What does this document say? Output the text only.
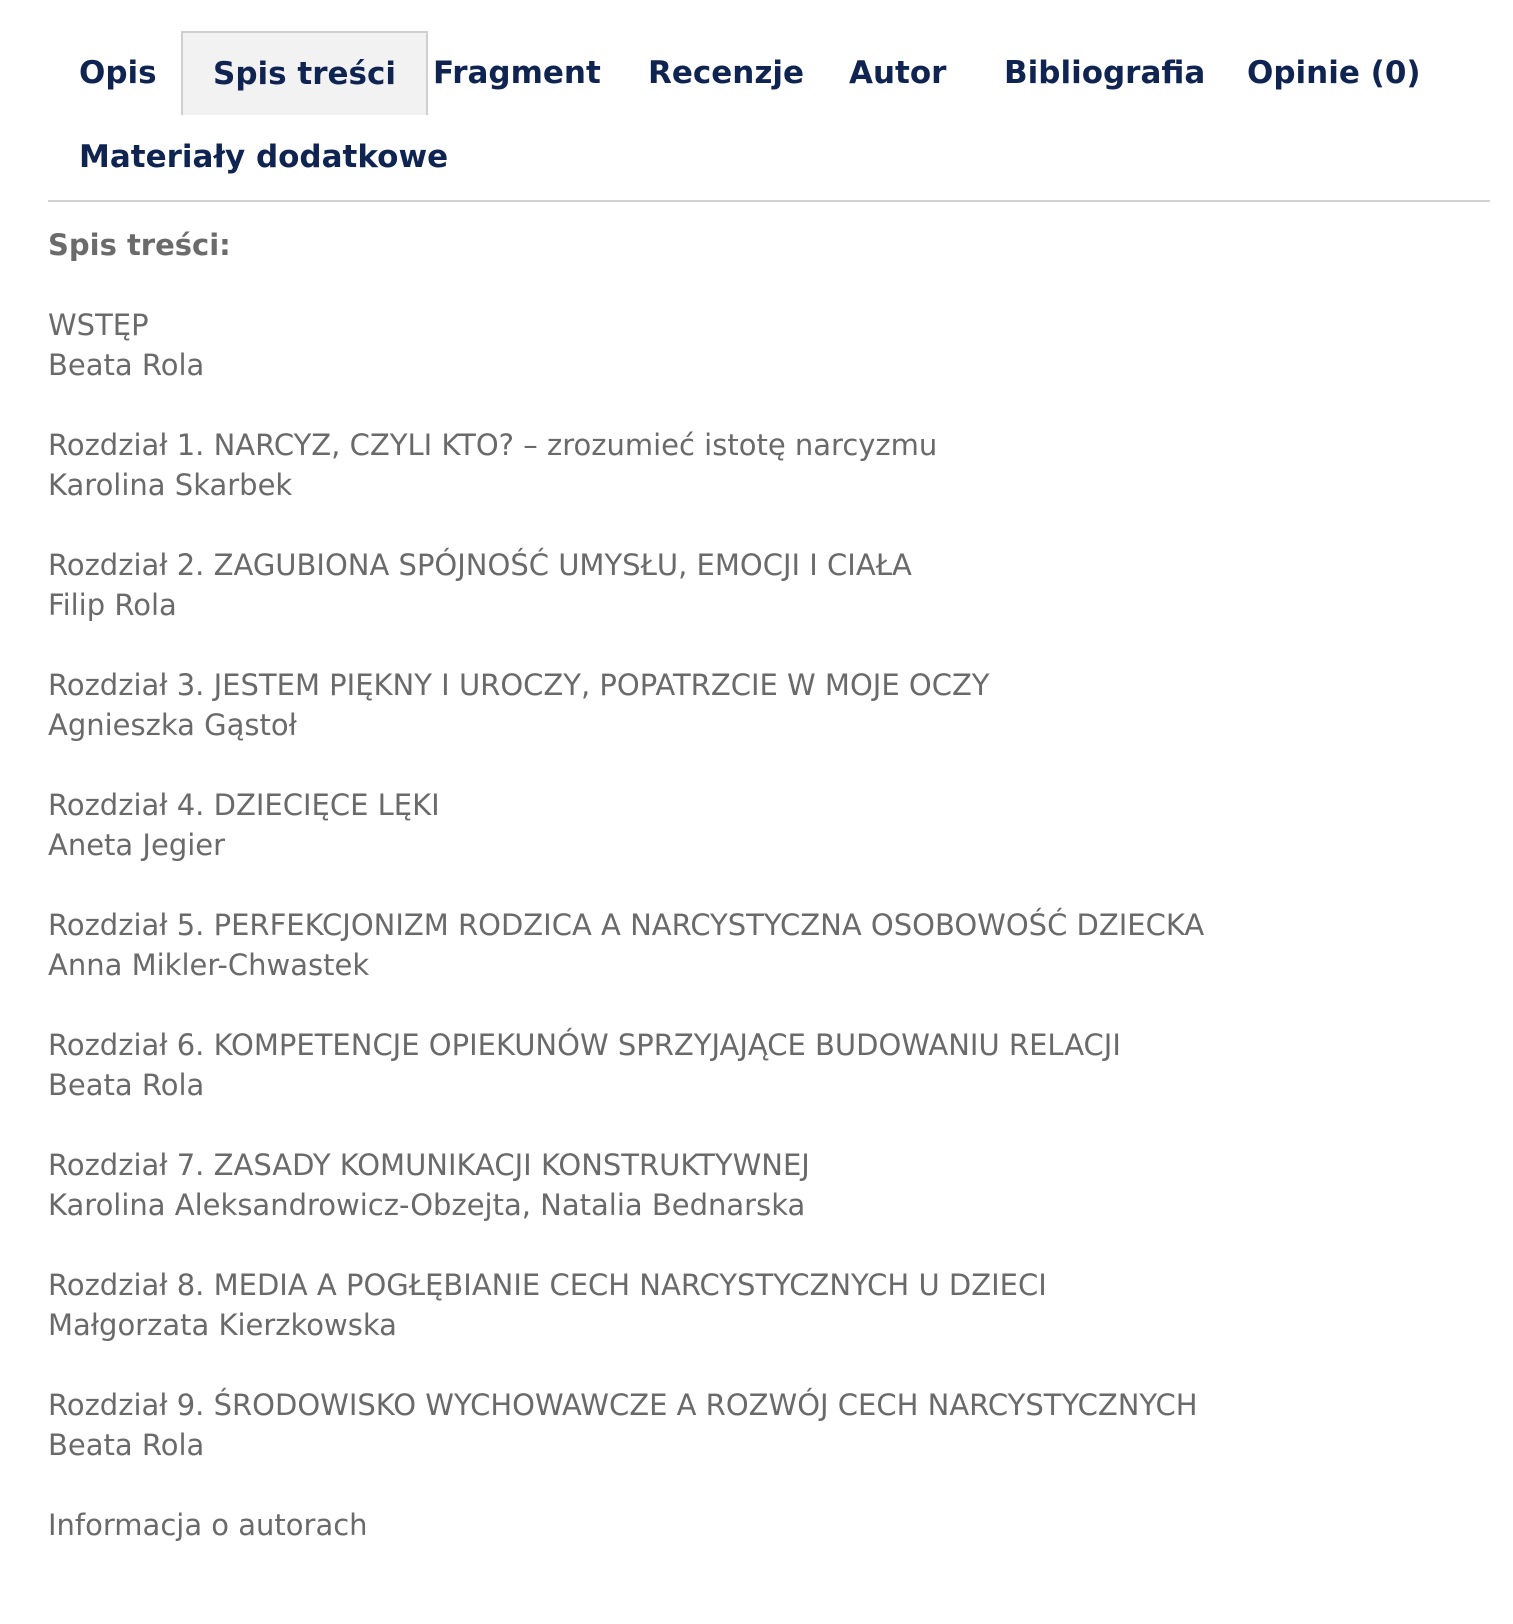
Opis	Spis treści	Fragment Recenzje Autor Bibliografia Opinie (0)
Materiały dodatkowe
Spis treści:
WSTĘP
Beata Rola
Rozdział 1. NARCYZ, CZYLI KTO? – zrozumieć istotę narcyzmu
Karolina Skarbek
Rozdział 2. ZAGUBIONA SPÓJNOŚĆ UMYSŁU, EMOCJI I CIAŁA
Filip Rola
Rozdział 3. JESTEM PIĘKNY I UROCZY, POPATRZCIE W MOJE OCZY
Agnieszka Gąstoł
Rozdział 4. DZIECIĘCE LĘKI
Aneta Jegier
Rozdział 5. PERFEKCJONIZM RODZICA A NARCYSTYCZNA OSOBOWOŚĆ DZIECKA
Anna Mikler-Chwastek
Rozdział 6. KOMPETENCJE OPIEKUNÓW SPRZYJAJĄCE BUDOWANIU RELACJI
Beata Rola
Rozdział 7. ZASADY KOMUNIKACJI KONSTRUKTYWNEJ
Karolina Aleksandrowicz-Obzejta, Natalia Bednarska
Rozdział 8. MEDIA A POGŁĘBIANIE CECH NARCYSTYCZNYCH U DZIECI
Małgorzata Kierzkowska
Rozdział 9. ŚRODOWISKO WYCHOWAWCZE A ROZWÓJ CECH NARCYSTYCZNYCH
Beata Rola
Informacja o autorach
